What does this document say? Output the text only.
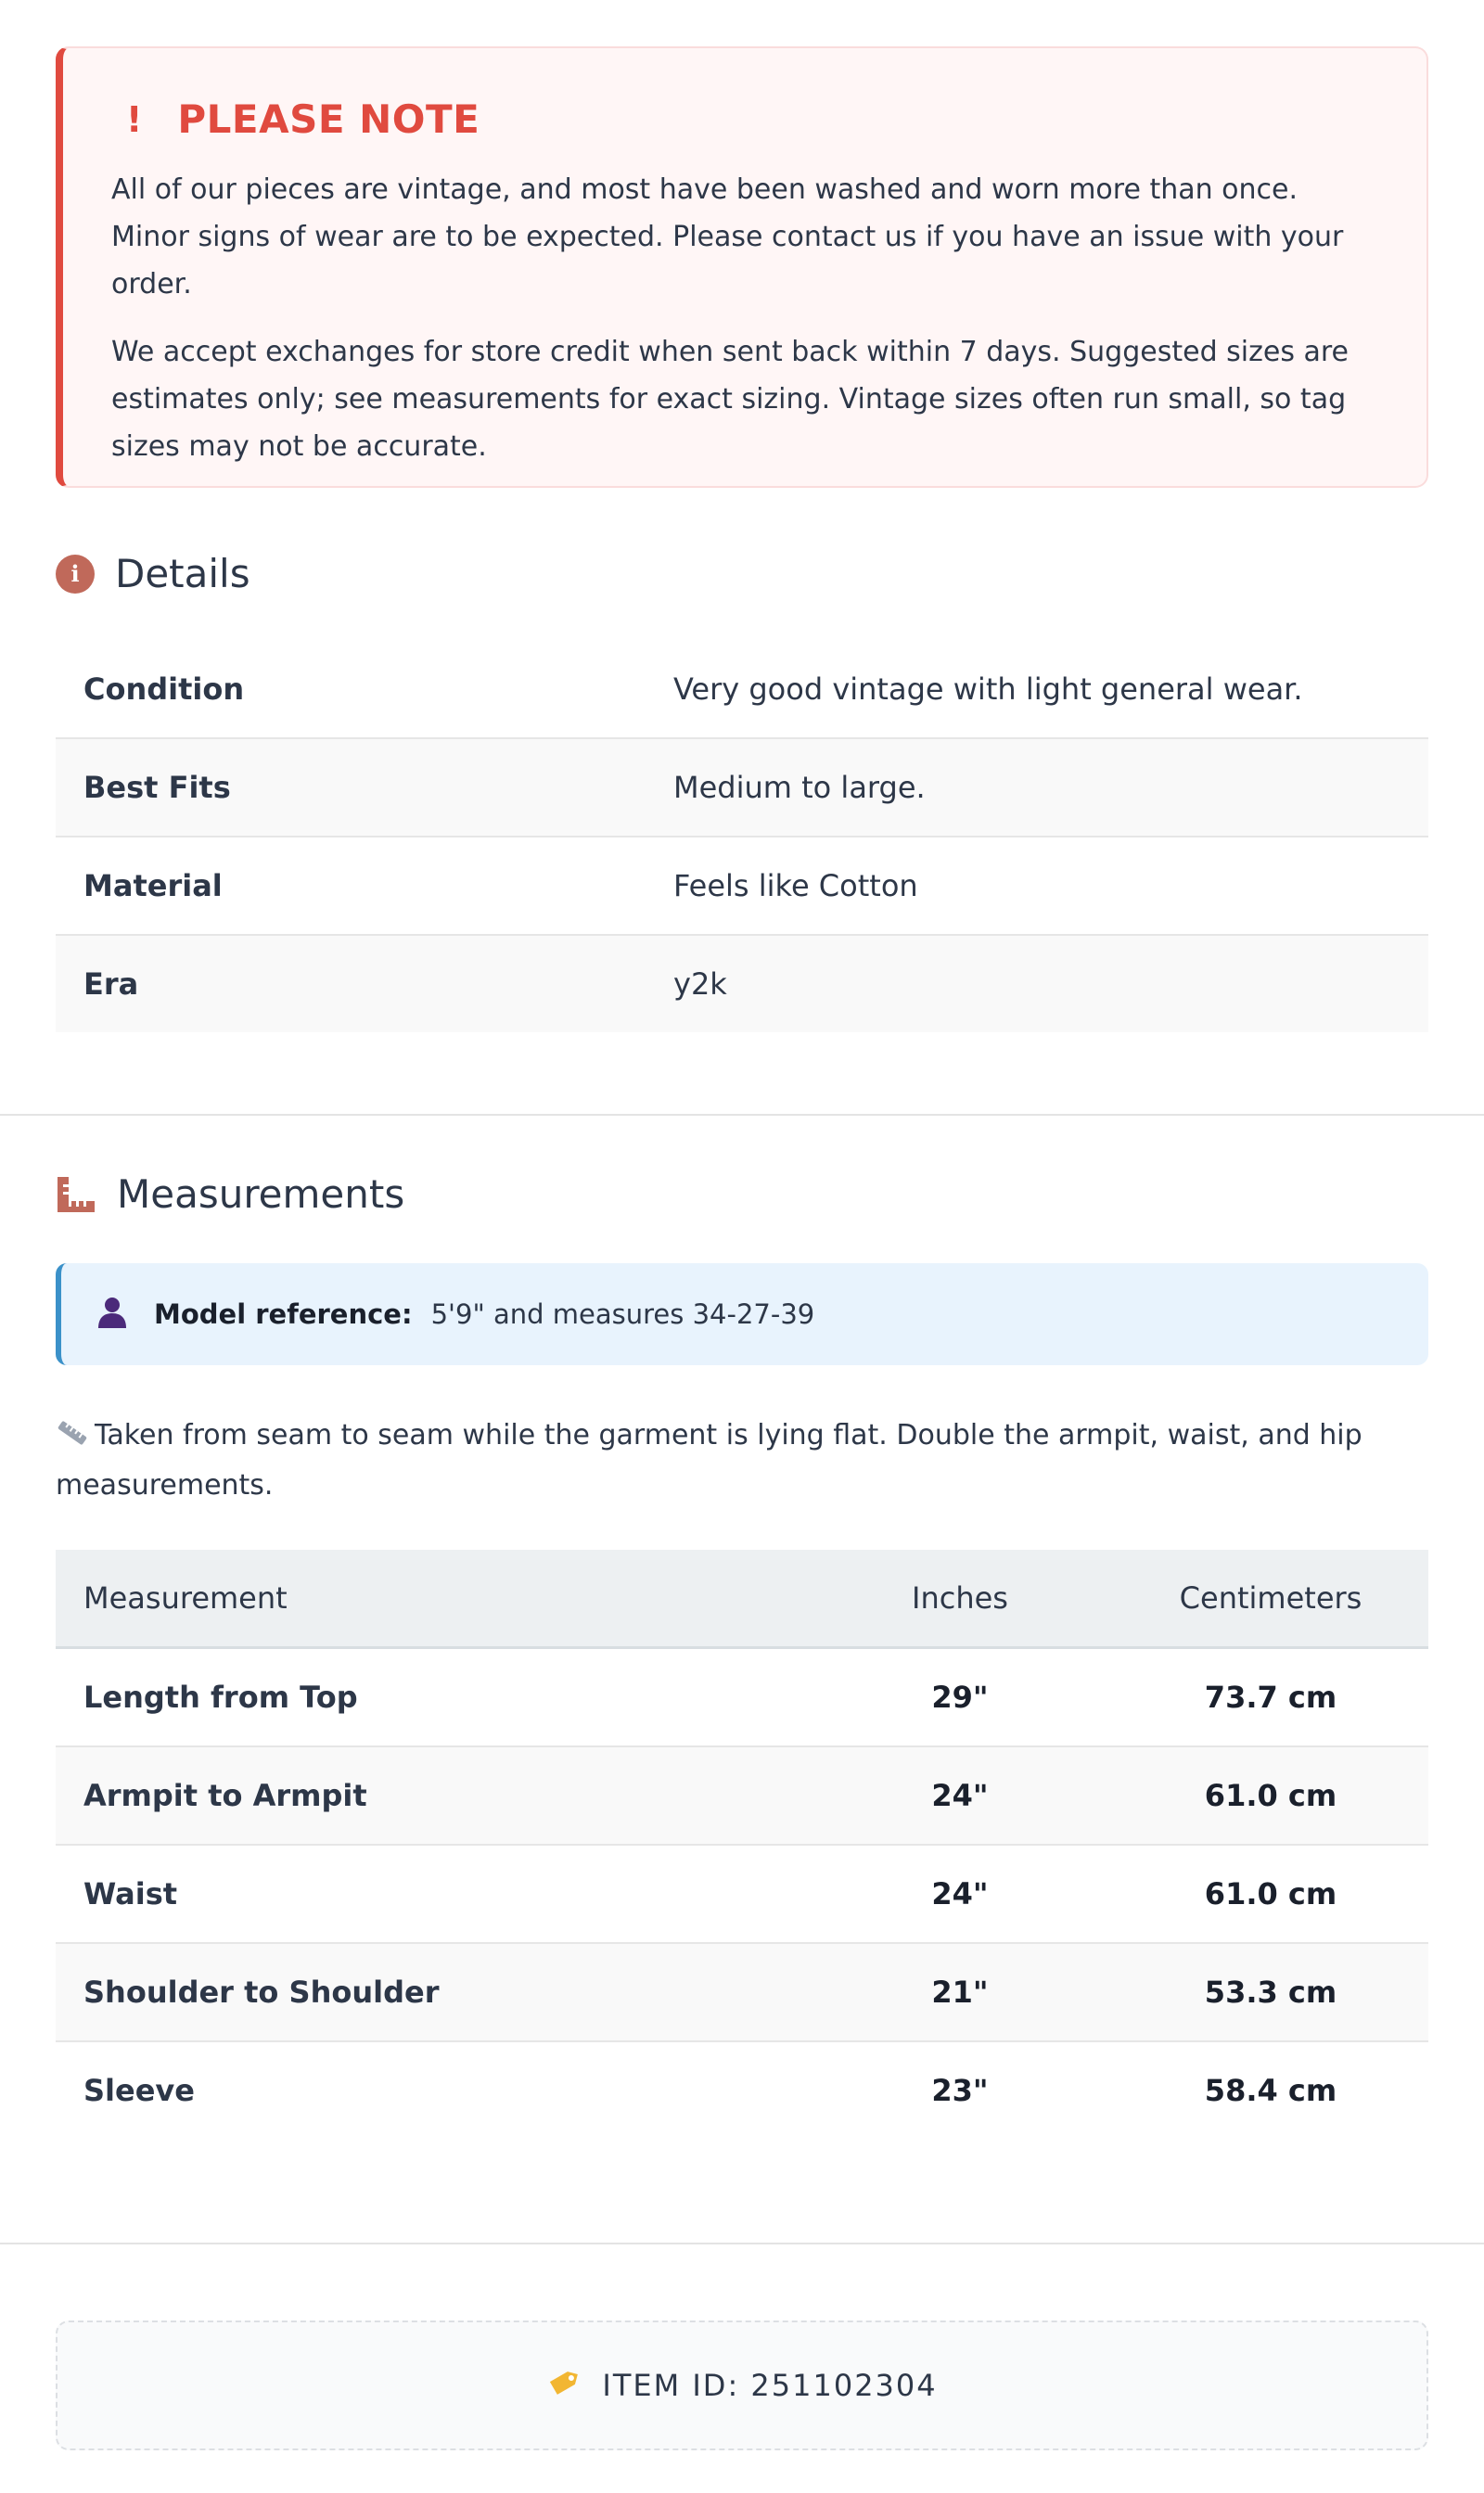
! PLEASE NOTE

All of our pieces are vintage, and most have been washed and worn more than once. Minor signs of wear are to be expected. Please contact us if you have an issue with your order.

We accept exchanges for store credit when sent back within 7 days. Suggested sizes are estimates only; see measurements for exact sizing. Vintage sizes often run small, so tag sizes may not be accurate.

i Details
Condition	Very good vintage with light general wear.
Best Fits	Medium to large.
Material	Feels like Cotton
Era	y2k
Measurements
Model reference: 5'9" and measures 34-27-39
Taken from seam to seam while the garment is lying flat. Double the armpit, waist, and hip measurements.
Measurement	Inches	Centimeters
Length from Top	29"	73.7 cm
Armpit to Armpit	24"	61.0 cm
Waist	24"	61.0 cm
Shoulder to Shoulder	21"	53.3 cm
Sleeve	23"	58.4 cm
ITEM ID: 251102304
